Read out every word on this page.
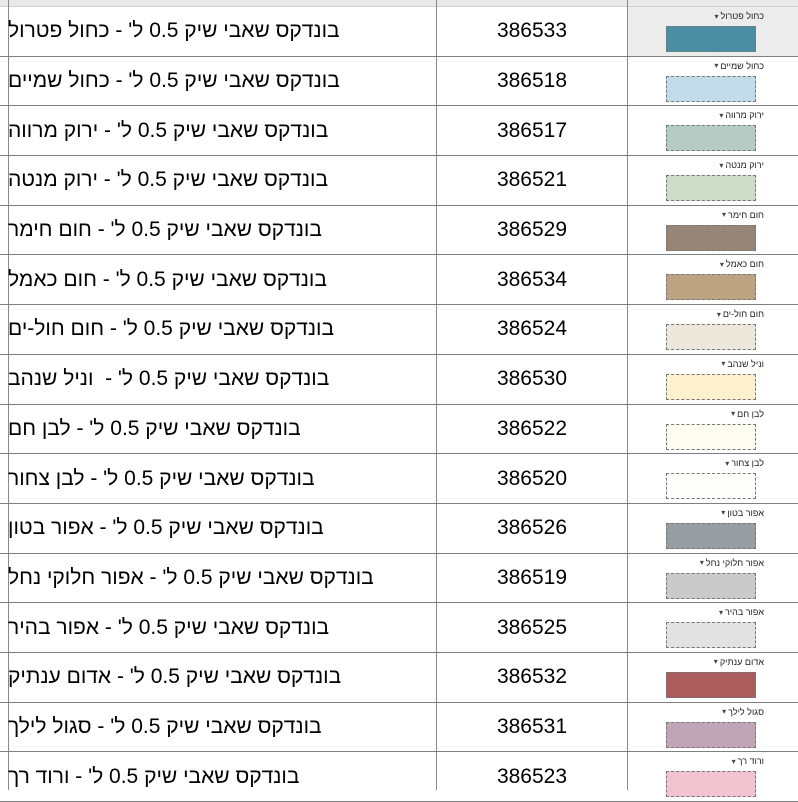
בונדקס שאבי שיק 0.5 ל' - כחול פטרול	386533
כחול פטרול
▾
בונדקס שאבי שיק 0.5 ל' - כחול שמיים	386518
כחול שמיים
▾
בונדקס שאבי שיק 0.5 ל' - ירוק מרווה	386517
ירוק מרווה
▾
בונדקס שאבי שיק 0.5 ל' - ירוק מנטה	386521
ירוק מנטה
▾
בונדקס שאבי שיק 0.5 ל' - חום חימר	386529
חום חימר
▾
בונדקס שאבי שיק 0.5 ל' - חום כאמל	386534
חום כאמל
▾
בונדקס שאבי שיק 0.5 ל' - חום חול-ים	386524
חום חול-ים
▾
בונדקס שאבי שיק 0.5 ל' -  וניל שנהב	386530
וניל שנהב
▾
בונדקס שאבי שיק 0.5 ל' - לבן חם	386522
לבן חם
▾
בונדקס שאבי שיק 0.5 ל' - לבן צחור	386520
לבן צחור
▾
בונדקס שאבי שיק 0.5 ל' - אפור בטון	386526
אפור בטון
▾
בונדקס שאבי שיק 0.5 ל' - אפור חלוקי נחל	386519
אפור חלוקי נחל
▾
בונדקס שאבי שיק 0.5 ל' - אפור בהיר	386525
אפור בהיר
▾
בונדקס שאבי שיק 0.5 ל' - אדום ענתיק	386532
אדום ענתיק
▾
בונדקס שאבי שיק 0.5 ל' - סגול לילך	386531
סגול לילך
▾
בונדקס שאבי שיק 0.5 ל' - ורוד רך	386523
ורוד רך
▾
